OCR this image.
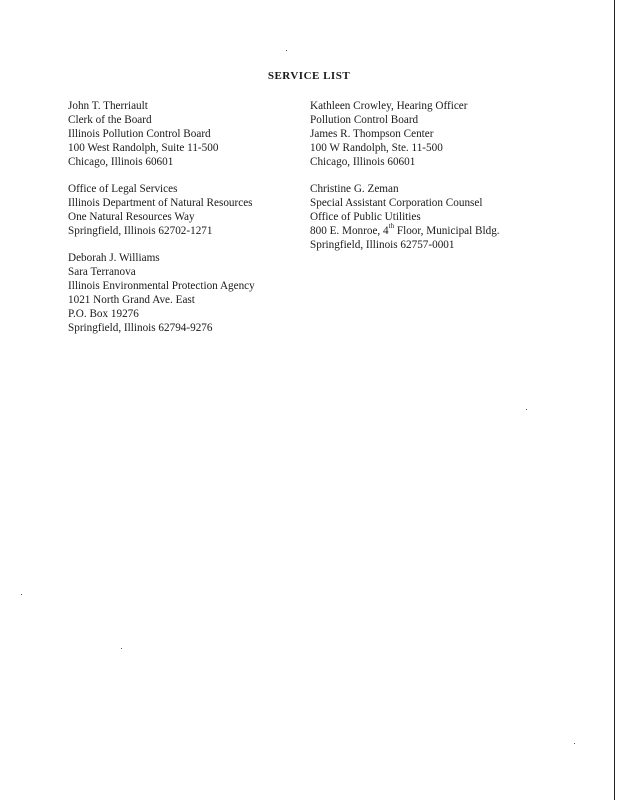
SERVICE LIST
John T. Therriault
Clerk of the Board
Illinois Pollution Control Board
100 West Randolph, Suite 11-500
Chicago, Illinois 60601
Kathleen Crowley, Hearing Officer
Pollution Control Board
James R. Thompson Center
100 W Randolph, Ste. 11-500
Chicago, Illinois 60601
Office of Legal Services
Illinois Department of Natural Resources
One Natural Resources Way
Springfield, Illinois 62702-1271
Christine G. Zeman
Special Assistant Corporation Counsel
Office of Public Utilities
800 E. Monroe, 4th Floor, Municipal Bldg.
Springfield, Illinois 62757-0001
Deborah J. Williams
Sara Terranova
Illinois Environmental Protection Agency
1021 North Grand Ave. East
P.O. Box 19276
Springfield, Illinois 62794-9276
